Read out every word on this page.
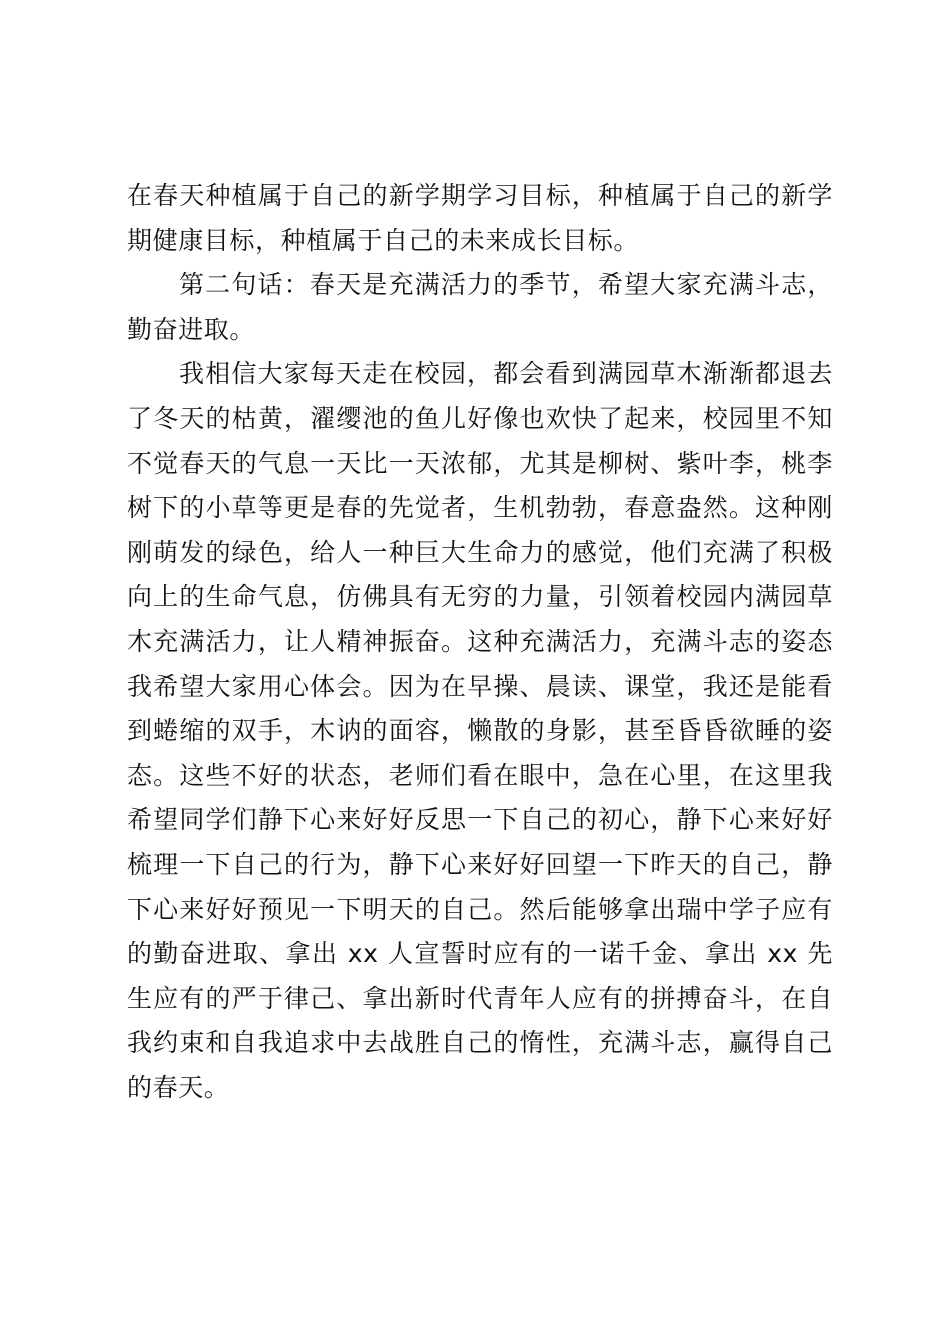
在春天种植属于自己的新学期学习目标，种植属于自己的新学期健康目标，种植属于自己的未来成长目标。

第二句话：春天是充满活力的季节，希望大家充满斗志，勤奋进取。

我相信大家每天走在校园，都会看到满园草木渐渐都退去了冬天的枯黄，濯缨池的鱼儿好像也欢快了起来，校园里不知不觉春天的气息一天比一天浓郁，尤其是柳树、紫叶李，桃李树下的小草等更是春的先觉者，生机勃勃，春意盎然。这种刚刚萌发的绿色，给人一种巨大生命力的感觉，他们充满了积极向上的生命气息，仿佛具有无穷的力量，引领着校园内满园草木充满活力，让人精神振奋。这种充满活力，充满斗志的姿态我希望大家用心体会。因为在早操、晨读、课堂，我还是能看到蜷缩的双手，木讷的面容，懒散的身影，甚至昏昏欲睡的姿态。这些不好的状态，老师们看在眼中，急在心里，在这里我希望同学们静下心来好好反思一下自己的初心，静下心来好好梳理一下自己的行为，静下心来好好回望一下昨天的自己，静下心来好好预见一下明天的自己。然后能够拿出瑞中学子应有的勤奋进取、拿出 xx 人宣誓时应有的一诺千金、拿出 xx 先生应有的严于律己、拿出新时代青年人应有的拼搏奋斗，在自我约束和自我追求中去战胜自己的惰性，充满斗志，赢得自己的春天。
